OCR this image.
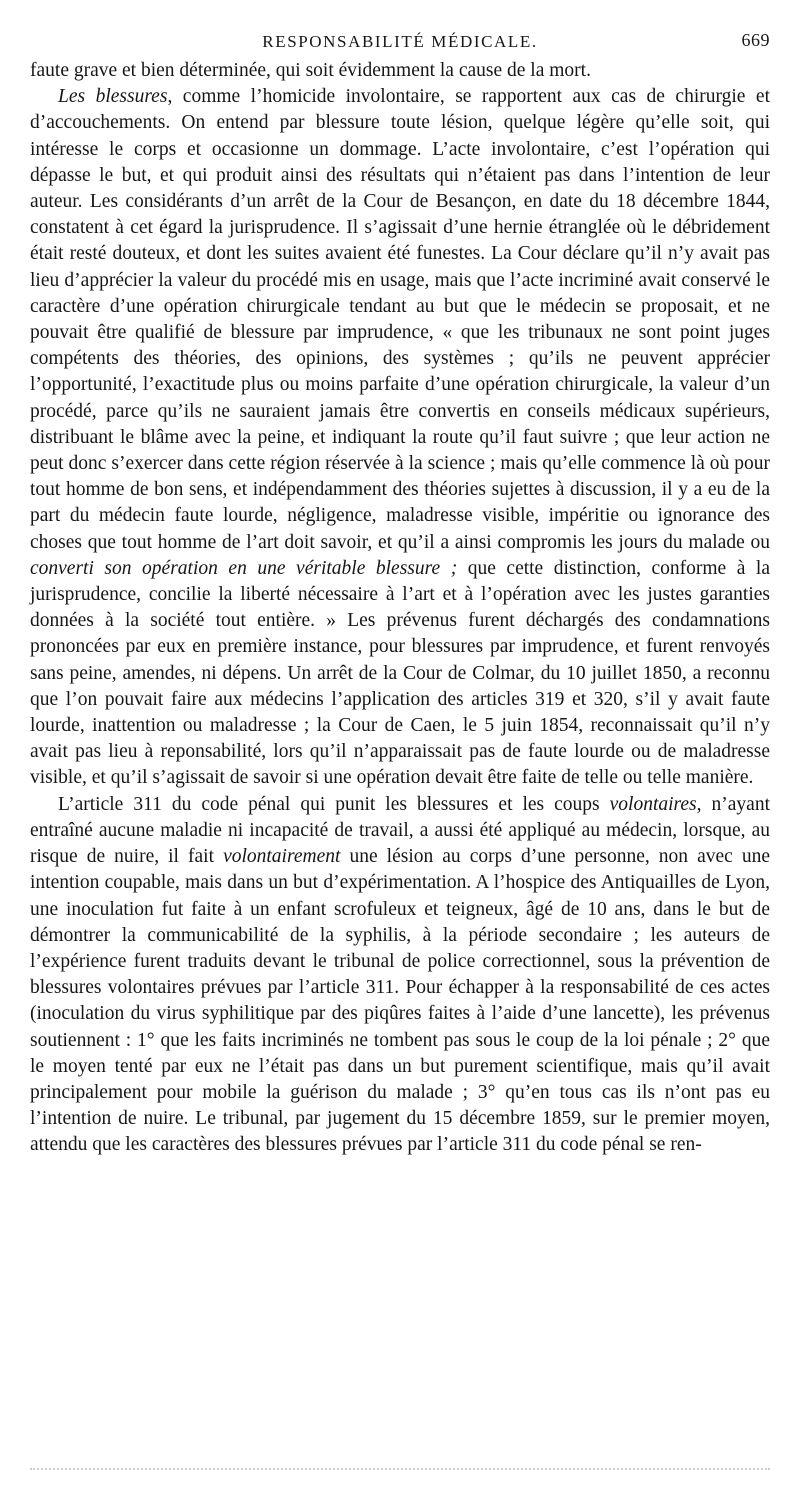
RESPONSABILITÉ MÉDICALE.	669

faute grave et bien déterminée, qui soit évidemment la cause de la mort.

Les blessures, comme l’homicide involontaire, se rapportent aux cas de chirurgie et d’accouchements. On entend par blessure toute lésion, quelque légère qu’elle soit, qui intéresse le corps et occasionne un dommage. L’acte involontaire, c’est l’opération qui dépasse le but, et qui produit ainsi des résultats qui n’étaient pas dans l’intention de leur auteur. Les considérants d’un arrêt de la Cour de Besançon, en date du 18 décembre 1844, constatent à cet égard la jurisprudence. Il s’agissait d’une hernie étranglée où le débridement était resté douteux, et dont les suites avaient été funestes. La Cour déclare qu’il n’y avait pas lieu d’apprécier la valeur du procédé mis en usage, mais que l’acte incriminé avait conservé le caractère d’une opération chirurgicale tendant au but que le médecin se proposait, et ne pouvait être qualifié de blessure par imprudence, « que les tribunaux ne sont point juges compétents des théories, des opinions, des systèmes ; qu’ils ne peuvent apprécier l’opportunité, l’exactitude plus ou moins parfaite d’une opération chirurgicale, la valeur d’un procédé, parce qu’ils ne sauraient jamais être convertis en conseils médicaux supérieurs, distribuant le blâme avec la peine, et indiquant la route qu’il faut suivre ; que leur action ne peut donc s’exercer dans cette région réservée à la science ; mais qu’elle commence là où pour tout homme de bon sens, et indépendamment des théories sujettes à discussion, il y a eu de la part du médecin faute lourde, négligence, maladresse visible, impéritie ou ignorance des choses que tout homme de l’art doit savoir, et qu’il a ainsi compromis les jours du malade ou converti son opération en une véritable blessure ; que cette distinction, conforme à la jurisprudence, concilie la liberté nécessaire à l’art et à l’opération avec les justes garanties données à la société tout entière. » Les prévenus furent déchargés des condamnations prononcées par eux en première instance, pour blessures par imprudence, et furent renvoyés sans peine, amendes, ni dépens. Un arrêt de la Cour de Colmar, du 10 juillet 1850, a reconnu que l’on pouvait faire aux médecins l’application des articles 319 et 320, s’il y avait faute lourde, inattention ou maladresse ; la Cour de Caen, le 5 juin 1854, reconnaissait qu’il n’y avait pas lieu à reponsabilité, lors qu’il n’apparaissait pas de faute lourde ou de maladresse visible, et qu’il s’agissait de savoir si une opération devait être faite de telle ou telle manière.

L’article 311 du code pénal qui punit les blessures et les coups volontaires, n’ayant entraîné aucune maladie ni incapacité de travail, a aussi été appliqué au médecin, lorsque, au risque de nuire, il fait volontairement une lésion au corps d’une personne, non avec une intention coupable, mais dans un but d’expérimentation. A l’hospice des Antiquailles de Lyon, une inoculation fut faite à un enfant scrofuleux et teigneux, âgé de 10 ans, dans le but de démontrer la communicabilité de la syphilis, à la période secondaire ; les auteurs de l’expérience furent traduits devant le tribunal de police correctionnel, sous la prévention de blessures volontaires prévues par l’article 311. Pour échapper à la responsabilité de ces actes (inoculation du virus syphilitique par des piqûres faites à l’aide d’une lancette), les prévenus soutiennent : 1° que les faits incriminés ne tombent pas sous le coup de la loi pénale ; 2° que le moyen tenté par eux ne l’était pas dans un but purement scientifique, mais qu’il avait principalement pour mobile la guérison du malade ; 3° qu’en tous cas ils n’ont pas eu l’intention de nuire. Le tribunal, par jugement du 15 décembre 1859, sur le premier moyen, attendu que les caractères des blessures prévues par l’article 311 du code pénal se ren-
